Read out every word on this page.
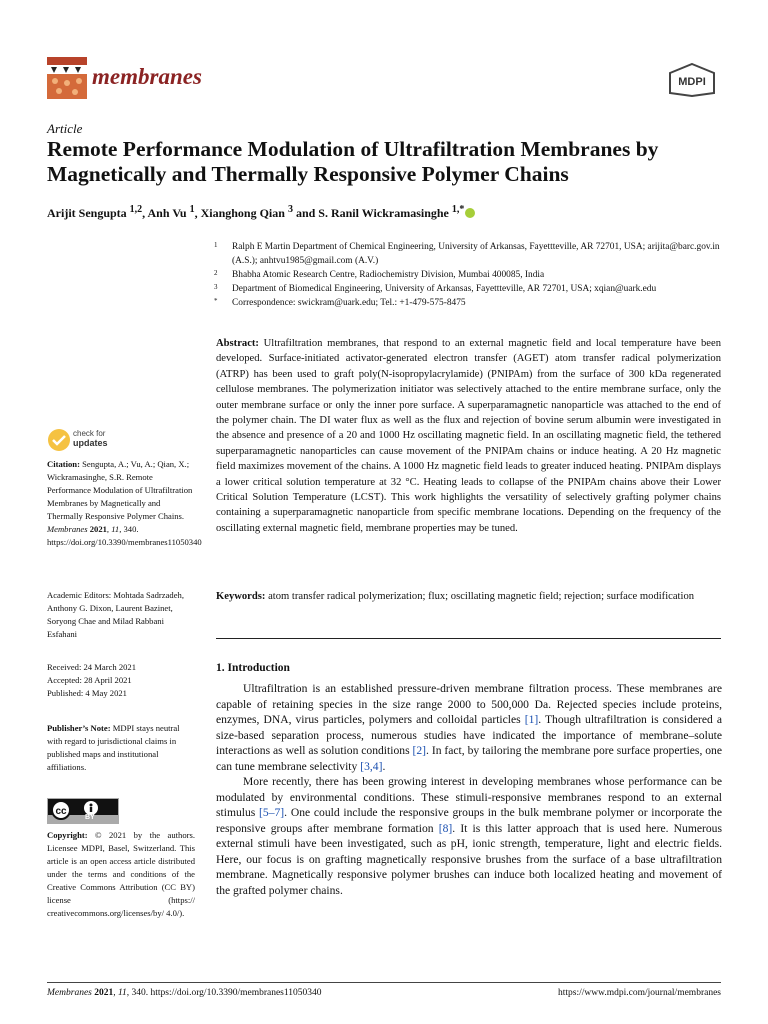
membranes	MDPI
Article
Remote Performance Modulation of Ultrafiltration Membranes by Magnetically and Thermally Responsive Polymer Chains
Arijit Sengupta $^{1,2}$, Anh Vu $^1$, Xianghong Qian $^3$ and S. Ranil Wickramasinghe $^{1,*}$
1 Ralph E Martin Department of Chemical Engineering, University of Arkansas, Fayettteville, AR 72701, USA; arijita@barc.gov.in (A.S.); anhtvu1985@gmail.com (A.V.)
2 Bhabha Atomic Research Centre, Radiochemistry Division, Mumbai 400085, India
3 Department of Biomedical Engineering, University of Arkansas, Fayettteville, AR 72701, USA; xqian@uark.edu
* Correspondence: swickram@uark.edu; Tel.: +1-479-575-8475
Abstract: Ultrafiltration membranes, that respond to an external magnetic field and local temperature have been developed. Surface-initiated activator-generated electron transfer (AGET) atom transfer radical polymerization (ATRP) has been used to graft poly(N-isopropylacrylamide) (PNIPAm) from the surface of 300 kDa regenerated cellulose membranes. The polymerization initiator was selectively attached to the entire membrane surface, only the outer membrane surface or only the inner pore surface. A superparamagnetic nanoparticle was attached to the end of the polymer chain. The DI water flux as well as the flux and rejection of bovine serum albumin were investigated in the absence and presence of a 20 and 1000 Hz oscillating magnetic field. In an oscillating magnetic field, the tethered superparamagnetic nanoparticles can cause movement of the PNIPAm chains or induce heating. A 20 Hz magnetic field maximizes movement of the chains. A 1000 Hz magnetic field leads to greater induced heating. PNIPAm displays a lower critical solution temperature at 32 °C. Heating leads to collapse of the PNIPAm chains above their Lower Critical Solution Temperature (LCST). This work highlights the versatility of selectively grafting polymer chains containing a superparamagnetic nanoparticle from specific membrane locations. Depending on the frequency of the oscillating external magnetic field, membrane properties may be tuned.
Keywords: atom transfer radical polymerization; flux; oscillating magnetic field; rejection; surface modification
check for
updates
Citation: Sengupta, A.; Vu, A.; Qian, X.; Wickramasinghe, S.R. Remote Performance Modulation of Ultrafiltration Membranes by Magnetically and Thermally Responsive Polymer Chains. Membranes 2021, 11, 340. https://doi.org/10.3390/membranes11050340
Academic Editors: Mohtada Sadrzadeh, Anthony G. Dixon, Laurent Bazinet, Soryong Chae and Milad Rabbani Esfahani
Received: 24 March 2021
Accepted: 28 April 2021
Published: 4 May 2021
Publisher’s Note: MDPI stays neutral with regard to jurisdictional claims in published maps and institutional affiliations.
cc
BY
Copyright: © 2021 by the authors. Licensee MDPI, Basel, Switzerland. This article is an open access article distributed under the terms and conditions of the Creative Commons Attribution (CC BY) license (https:// creativecommons.org/licenses/by/ 4.0/).
1. Introduction

Ultrafiltration is an established pressure-driven membrane filtration process. These membranes are capable of retaining species in the size range 2000 to 500,000 Da. Rejected species include proteins, enzymes, DNA, virus particles, polymers and colloidal particles [1]. Though ultrafiltration is considered a size-based separation process, numerous studies have indicated the importance of membrane–solute interactions as well as solution conditions [2]. In fact, by tailoring the membrane pore surface properties, one can tune membrane selectivity [3,4].

More recently, there has been growing interest in developing membranes whose performance can be modulated by environmental conditions. These stimuli-responsive membranes respond to an external stimulus [5–7]. One could include the responsive groups in the bulk membrane polymer or incorporate the responsive groups after membrane formation [8]. It is this latter approach that is used here. Numerous external stimuli have been investigated, such as pH, ionic strength, temperature, light and electric fields. Here, our focus is on grafting magnetically responsive brushes from the surface of a base ultrafiltration membrane. Magnetically responsive polymer brushes can induce both localized heating and movement of the grafted polymer chains.

Membranes 2021, 11, 340. https://doi.org/10.3390/membranes11050340	https://www.mdpi.com/journal/membranes
